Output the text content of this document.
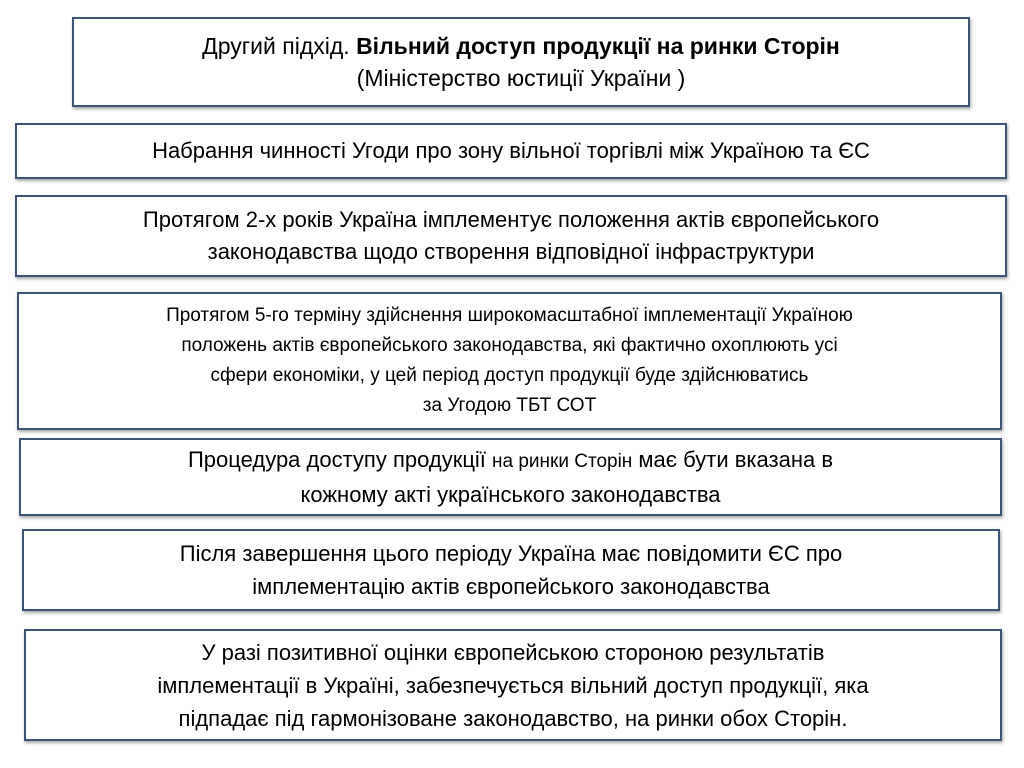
Другий підхід. Вільний доступ продукції на ринки Сторін
(Міністерство юстиції України )
Набрання чинності Угоди про зону вільної торгівлі між Україною та ЄС
Протягом 2-х років Україна імплементує положення актів європейського
законодавства щодо створення відповідної інфраструктури
Протягом 5-го терміну здійснення широкомасштабної імплементації Україною
положень актів європейського законодавства, які фактично охоплюють усі
сфери економіки, у цей період доступ продукції буде здійснюватись
за Угодою ТБТ СОТ
Процедура доступу продукції на ринки Сторін має бути вказана в
кожному акті українського законодавства
Після завершення цього періоду Україна має повідомити ЄС про
імплементацію актів європейського законодавства
У разі позитивної оцінки європейською стороною результатів
імплементації в Україні, забезпечується вільний доступ продукції, яка
підпадає під гармонізоване законодавство, на ринки обох Сторін.
